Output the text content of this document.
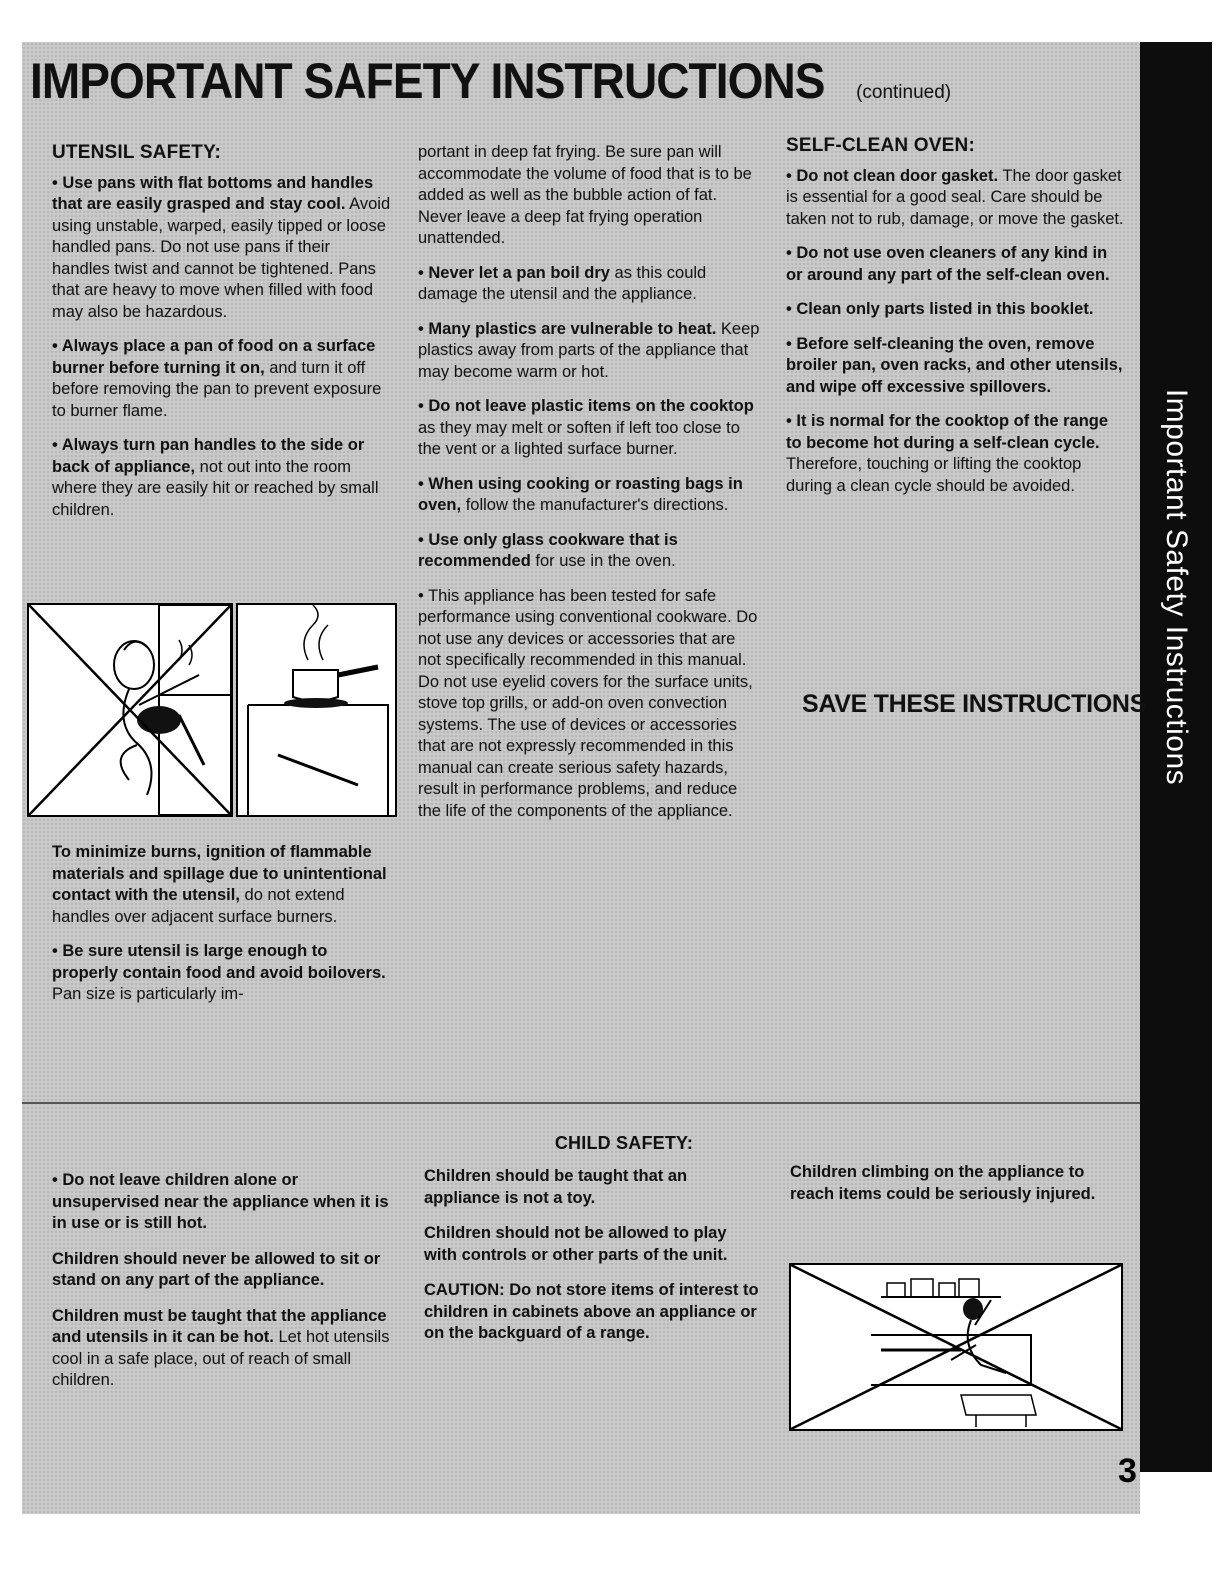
Important Safety Instructions
IMPORTANT SAFETY INSTRUCTIONS (continued)
UTENSIL SAFETY:

• Use pans with flat bottoms and handles that are easily grasped and stay cool. Avoid using unstable, warped, easily tipped or loose handled pans. Do not use pans if their handles twist and cannot be tightened. Pans that are heavy to move when filled with food may also be hazardous.

• Always place a pan of food on a surface burner before turning it on, and turn it off before removing the pan to prevent exposure to burner flame.

• Always turn pan handles to the side or back of appliance, not out into the room where they are easily hit or reached by small children.

To minimize burns, ignition of flammable materials and spillage due to unintentional contact with the utensil, do not extend handles over adjacent surface burners.

• Be sure utensil is large enough to properly contain food and avoid boilovers. Pan size is particularly im-

portant in deep fat frying. Be sure pan will accommodate the volume of food that is to be added as well as the bubble action of fat. Never leave a deep fat frying operation unattended.

• Never let a pan boil dry as this could damage the utensil and the appliance.

• Many plastics are vulnerable to heat. Keep plastics away from parts of the appliance that may become warm or hot.

• Do not leave plastic items on the cooktop as they may melt or soften if left too close to the vent or a lighted surface burner.

• When using cooking or roasting bags in oven, follow the manufacturer's directions.

• Use only glass cookware that is recommended for use in the oven.

• This appliance has been tested for safe performance using conventional cookware. Do not use any devices or accessories that are not specifically recommended in this manual. Do not use eyelid covers for the surface units, stove top grills, or add-on oven convection systems. The use of devices or accessories that are not expressly recommended in this manual can create serious safety hazards, result in performance problems, and reduce the life of the components of the appliance.

SELF-CLEAN OVEN:

• Do not clean door gasket. The door gasket is essential for a good seal. Care should be taken not to rub, damage, or move the gasket.

• Do not use oven cleaners of any kind in or around any part of the self-clean oven.

• Clean only parts listed in this booklet.

• Before self-cleaning the oven, remove broiler pan, oven racks, and other utensils, and wipe off excessive spillovers.

• It is normal for the cooktop of the range to become hot during a self-clean cycle. Therefore, touching or lifting the cooktop during a clean cycle should be avoided.

SAVE THESE INSTRUCTIONS
CHILD SAFETY:

• Do not leave children alone or unsupervised near the appliance when it is in use or is still hot.

Children should never be allowed to sit or stand on any part of the appliance.

Children must be taught that the appliance and utensils in it can be hot. Let hot utensils cool in a safe place, out of reach of small children.

Children should be taught that an appliance is not a toy.

Children should not be allowed to play with controls or other parts of the unit.

CAUTION: Do not store items of interest to children in cabinets above an appliance or on the backguard of a range.

Children climbing on the appliance to reach items could be seriously injured.

3
